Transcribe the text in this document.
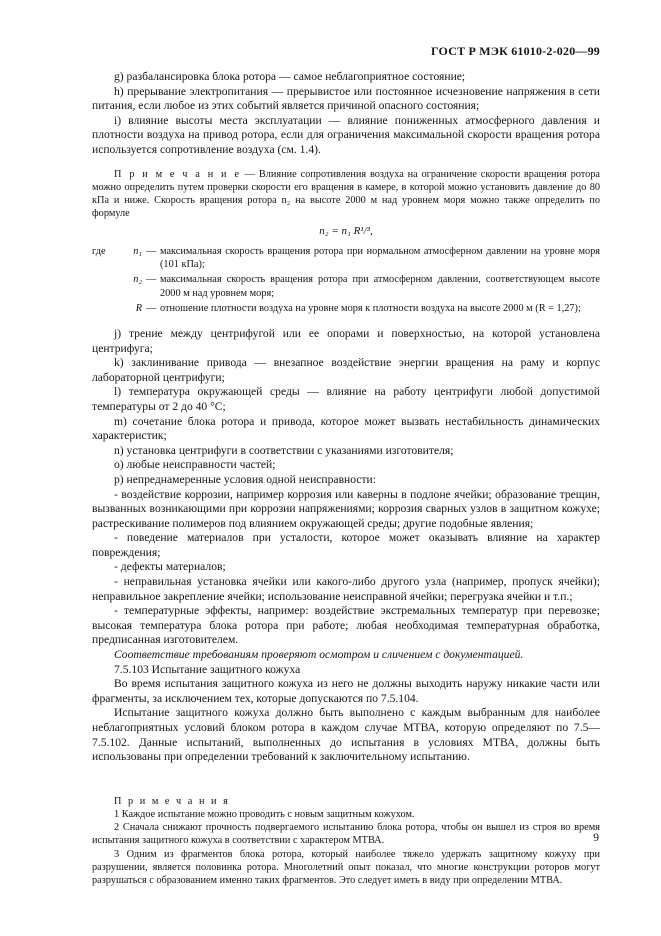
ГОСТ Р МЭК 61010-2-020—99

g) разбалансировка блока ротора — самое неблагоприятное состояние;

h) прерывание электропитания — прерывистое или постоянное исчезновение напряжения в сети питания, если любое из этих событий является причиной опасного состояния;

i) влияние высоты места эксплуатации — влияние пониженных атмосферного давления и плотности воздуха на привод ротора, если для ограничения максимальной скорости вращения ротора используется сопротивление воздуха (см. 1.4).

П р и м е ч а н и е — Влияние сопротивления воздуха на ограничение скорости вращения ротора можно определить путем проверки скорости его вращения в камере, в которой можно установить давление до 80 кПа и ниже. Скорость вращения ротора n₂ на высоте 2000 м над уровнем моря можно также определить по формуле

n₂ = n₁ R¹/³,
где	n₁	—	максимальная скорость вращения ротора при нормальном атмосферном давлении на уровне моря (101 кПа);
	n₂	—	максимальная скорость вращения ротора при атмосферном давлении, соответствующем высоте 2000 м над уровнем моря;
	R	—	отношение плотности воздуха на уровне моря к плотности воздуха на высоте 2000 м (R = 1,27);

j) трение между центрифугой или ее опорами и поверхностью, на которой установлена центрифуга;

k) заклинивание привода — внезапное воздействие энергии вращения на раму и корпус лабораторной центрифуги;

l) температура окружающей среды — влияние на работу центрифуги любой допустимой температуры от 2 до 40 °С;

m) сочетание блока ротора и привода, которое может вызвать нестабильность динамических характеристик;

n) установка центрифуги в соответствии с указаниями изготовителя;

o) любые неисправности частей;

p) непреднамеренные условия одной неисправности:

- воздействие коррозии, например коррозия или каверны в подлоне ячейки; образование трещин, вызванных возникающими при коррозии напряжениями; коррозия сварных узлов в защитном кожухе; растрескивание полимеров под влиянием окружающей среды; другие подобные явления;

- поведение материалов при усталости, которое может оказывать влияние на характер повреждения;

- дефекты материалов;

- неправильная установка ячейки или какого-либо другого узла (например, пропуск ячейки); неправильное закрепление ячейки; использование неисправной ячейки; перегрузка ячейки и т.п.;

- температурные эффекты, например: воздействие экстремальных температур при перевозке; высокая температура блока ротора при работе; любая необходимая температурная обработка, предписанная изготовителем.

Соответствие требованиям проверяют осмотром и сличением с документацией.

7.5.103 Испытание защитного кожуха

Во время испытания защитного кожуха из него не должны выходить наружу никакие части или фрагменты, за исключением тех, которые допускаются по 7.5.104.

Испытание защитного кожуха должно быть выполнено с каждым выбранным для наиболее неблагоприятных условий блоком ротора в каждом случае МТВА, которую определяют по 7.5—7.5.102. Данные испытаний, выполненных до испытания в условиях МТВА, должны быть использованы при определении требований к заключительному испытанию.

П р и м е ч а н и я

1 Каждое испытание можно проводить с новым защитным кожухом.

2 Сначала снижают прочность подвергаемого испытанию блока ротора, чтобы он вышел из строя во время испытания защитного кожуха в соответствии с характером МТВА.

3 Одним из фрагментов блока ротора, который наиболее тяжело удержать защитному кожуху при разрушении, является половинка ротора. Многолетний опыт показал, что многие конструкции роторов могут разрушаться с образованием именно таких фрагментов. Это следует иметь в виду при определении МТВА.

9
